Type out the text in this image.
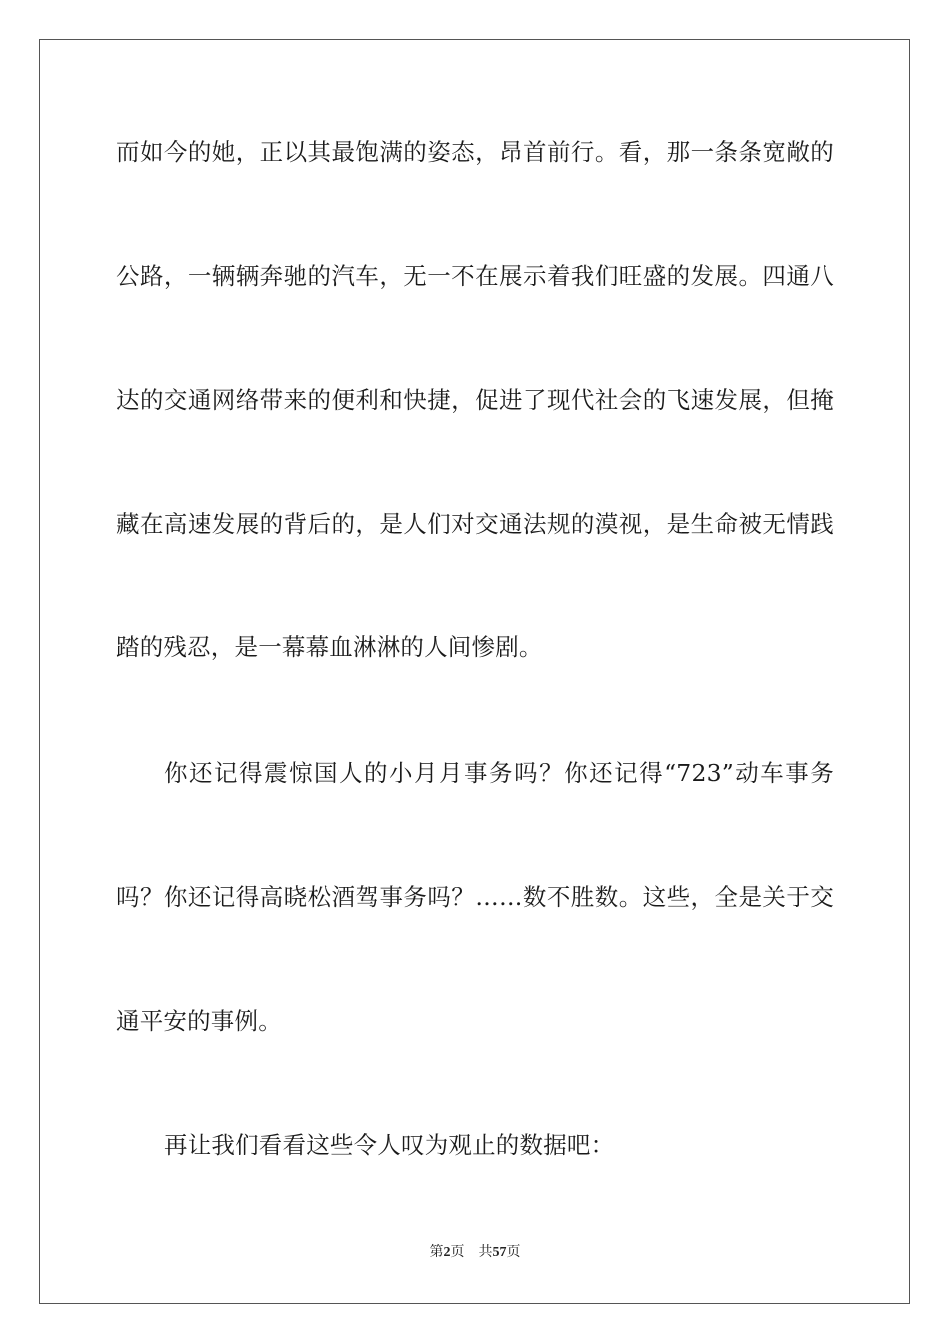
而如今的她，正以其最饱满的姿态，昂首前行。看，那一条条宽敞的
公路，一辆辆奔驰的汽车，无一不在展示着我们旺盛的发展。四通八
达的交通网络带来的便利和快捷，促进了现代社会的飞速发展，但掩
藏在高速发展的背后的，是人们对交通法规的漠视，是生命被无情践
踏的残忍，是一幕幕血淋淋的人间惨剧。
你还记得震惊国人的小月月事务吗？你还记得“723”动车事务
吗？你还记得高晓松酒驾事务吗？……数不胜数。这些，全是关于交
通平安的事例。
再让我们看看这些令人叹为观止的数据吧：
第2页 共57页
